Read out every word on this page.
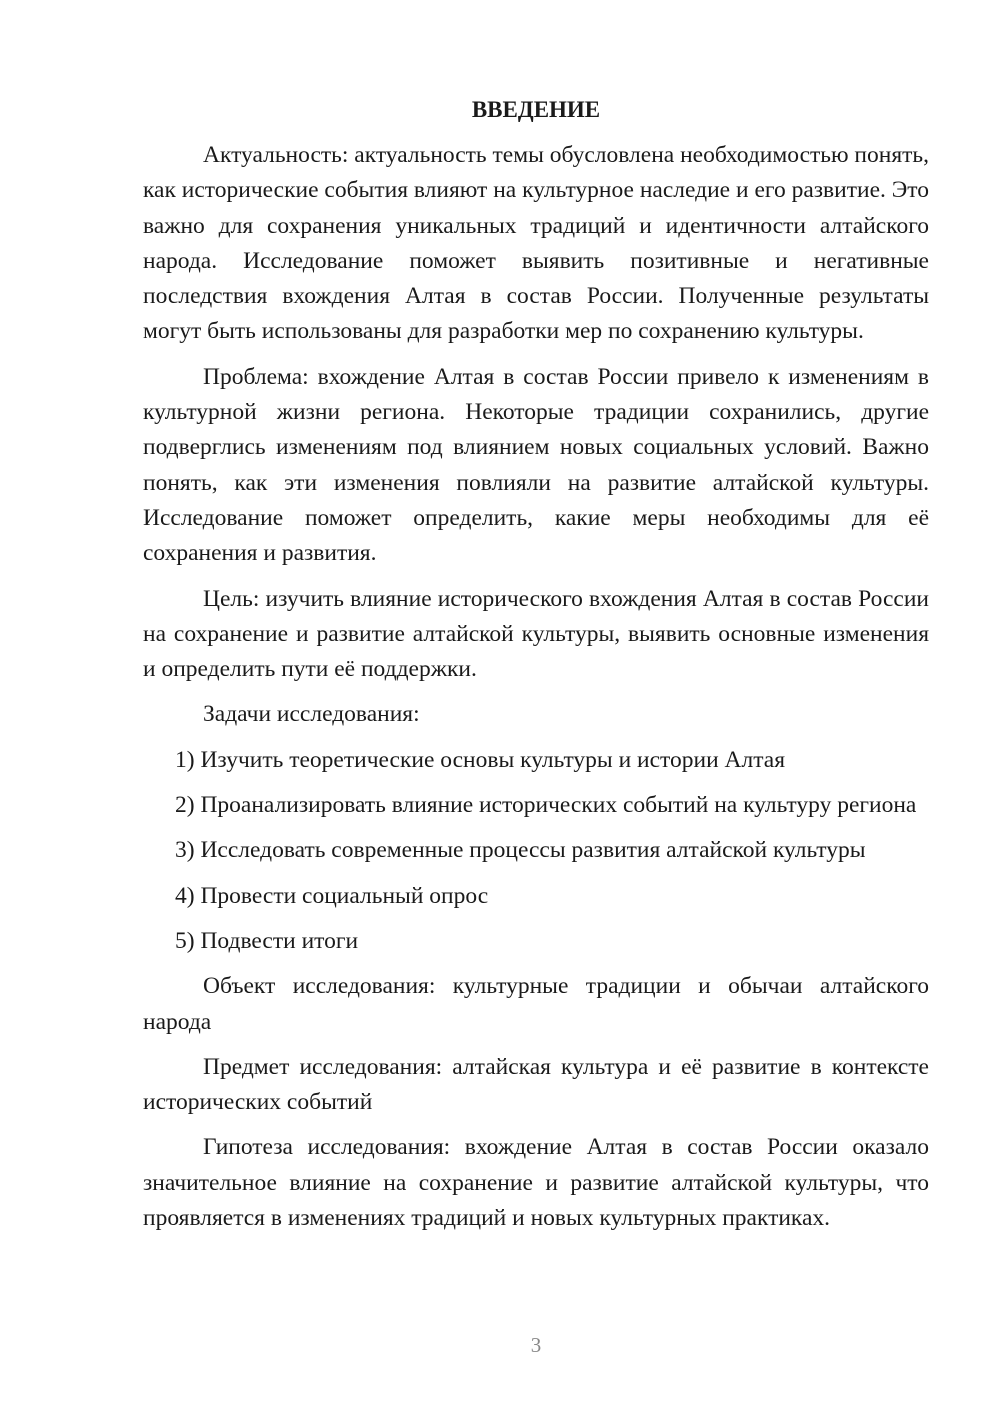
ВВЕДЕНИЕ

Актуальность: актуальность темы обусловлена необходимостью понять, как исторические события влияют на культурное наследие и его развитие. Это важно для сохранения уникальных традиций и идентичности алтайского народа. Исследование поможет выявить позитивные и негативные последствия вхождения Алтая в состав России. Полученные результаты могут быть использованы для разработки мер по сохранению культуры.

Проблема: вхождение Алтая в состав России привело к изменениям в культурной жизни региона. Некоторые традиции сохранились, другие подверглись изменениям под влиянием новых социальных условий. Важно понять, как эти изменения повлияли на развитие алтайской культуры. Исследование поможет определить, какие меры необходимы для её сохранения и развития.

Цель: изучить влияние исторического вхождения Алтая в состав России на сохранение и развитие алтайской культуры, выявить основные изменения и определить пути её поддержки.

Задачи исследования:

1) Изучить теоретические основы культуры и истории Алтая

2) Проанализировать влияние исторических событий на культуру региона

3) Исследовать современные процессы развития алтайской культуры

4) Провести социальный опрос

5) Подвести итоги

Объект исследования: культурные традиции и обычаи алтайского народа

Предмет исследования: алтайская культура и её развитие в контексте исторических событий

Гипотеза исследования: вхождение Алтая в состав России оказало значительное влияние на сохранение и развитие алтайской культуры, что проявляется в изменениях традиций и новых культурных практиках.

3
